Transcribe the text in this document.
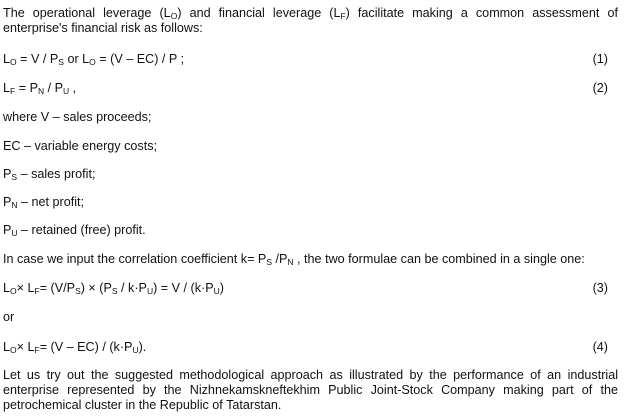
The operational leverage $(L_O)$ and financial leverage $(L_F)$ facilitate making a common assessment of enterprise's financial risk as follows:
$L_O = V / P_S$ or $L_O = (V - EC) / P$ ;	(1)
$L_F = P_N / P_U$ ,	(2)
where V – sales proceeds;
EC – variable energy costs;
$P_S$ – sales profit;
$P_N$ – net profit;
$P_U$ – retained (free) profit.
In case we input the correlation coefficient $k= P_S$ $/P_N$ , the two formulae can be combined in a single one:
$L_O\times L_F= (V/P_S) \times (P_S / k\cdot P_U) = V / (k\cdot P_U)$	(3)
or
$L_O\times L_F= (V - EC) / (k\cdot P_U)$.	(4)
Let us try out the suggested methodological approach as illustrated by the performance of an industrial enterprise represented by the Nizhnekamskneftekhim Public Joint-Stock Company making part of the petrochemical cluster in the Republic of Tatarstan.
